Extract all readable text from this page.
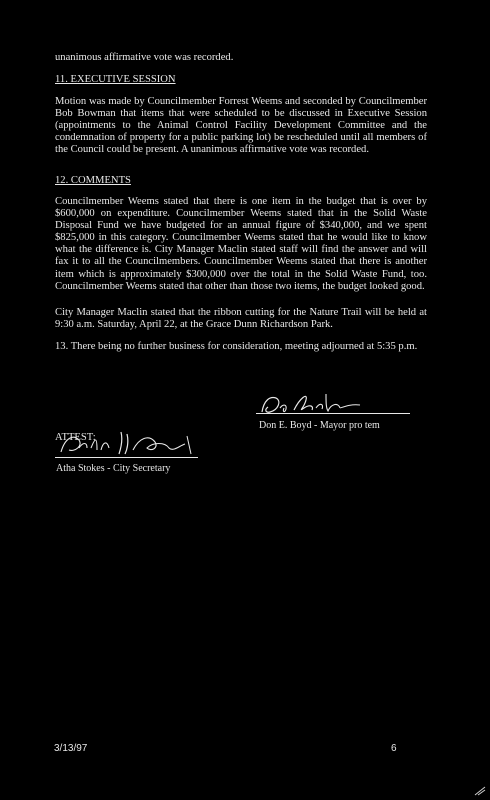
unanimous affirmative vote was recorded.
11. EXECUTIVE SESSION
Motion was made by Councilmember Forrest Weems and seconded by Councilmember Bob Bowman that items that were scheduled to be discussed in Executive Session (appointments to the Animal Control Facility Development Committee and the condemnation of property for a public parking lot) be rescheduled until all members of the Council could be present. A unanimous affirmative vote was recorded.
12. COMMENTS
Councilmember Weems stated that there is one item in the budget that is over by $600,000 on expenditure. Councilmember Weems stated that in the Solid Waste Disposal Fund we have budgeted for an annual figure of $340,000, and we spent $825,000 in this category. Councilmember Weems stated that he would like to know what the difference is. City Manager Maclin stated staff will find the answer and will fax it to all the Councilmembers. Councilmember Weems stated that there is another item which is approximately $300,000 over the total in the Solid Waste Fund, too. Councilmember Weems stated that other than those two items, the budget looked good.
City Manager Maclin stated that the ribbon cutting for the Nature Trail will be held at 9:30 a.m. Saturday, April 22, at the Grace Dunn Richardson Park.
13. There being no further business for consideration, meeting adjourned at 5:35 p.m.
Don E. Boyd - Mayor pro tem
ATTEST:
Atha Stokes - City Secretary
3/13/97	6
